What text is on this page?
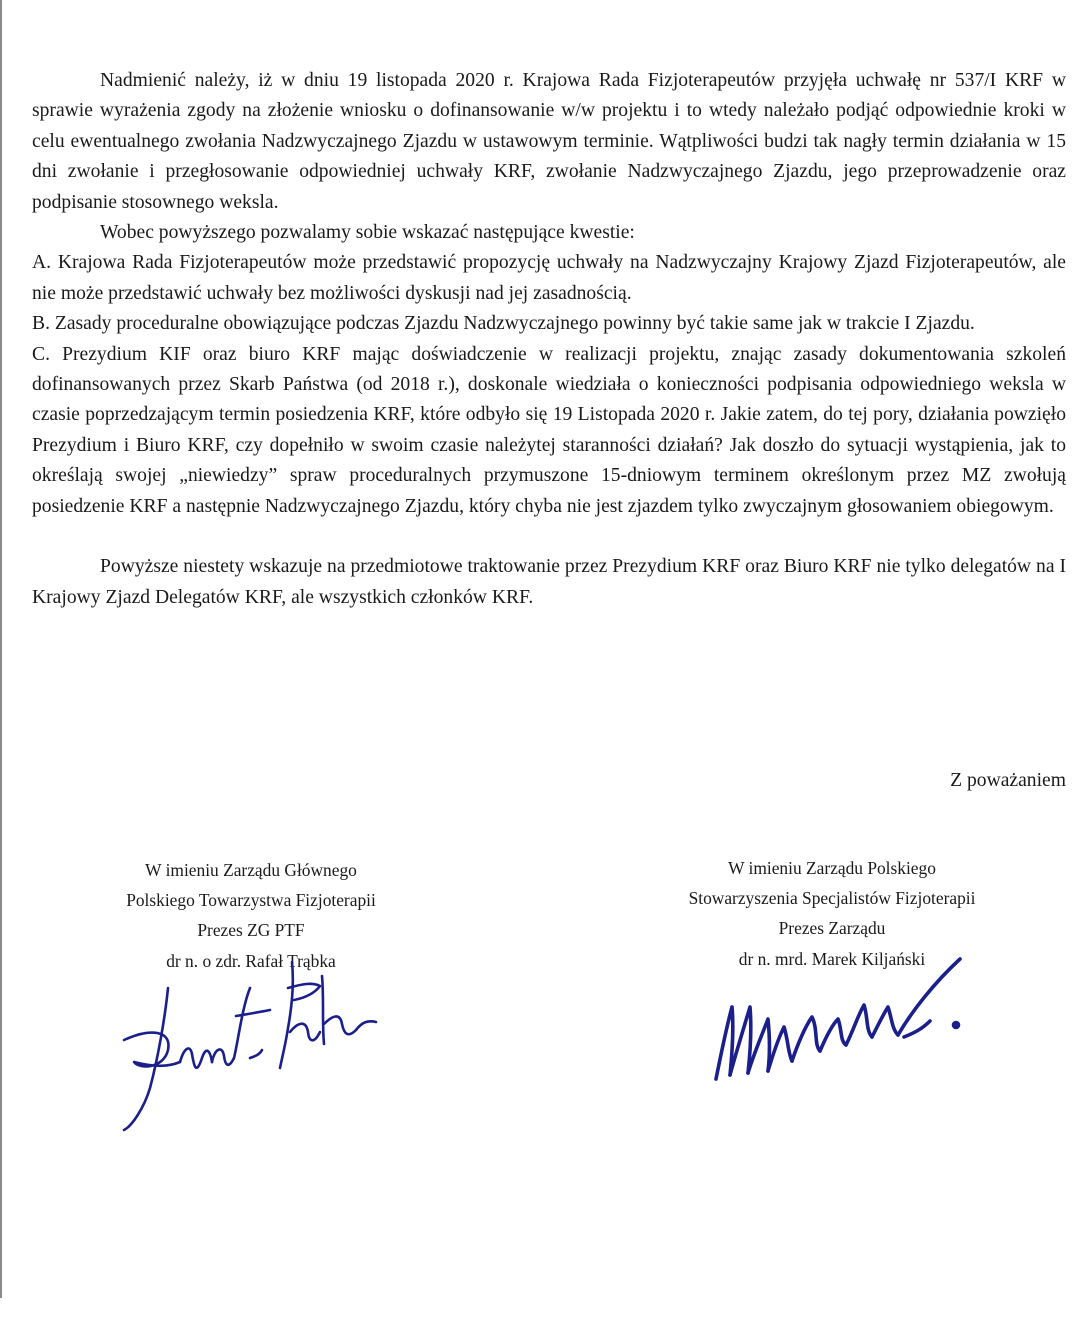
Nadmienić należy, iż w dniu 19 listopada 2020 r. Krajowa Rada Fizjoterapeutów przyjęła uchwałę nr 537/I KRF w sprawie wyrażenia zgody na złożenie wniosku o dofinansowanie w/w projektu i to wtedy należało podjąć odpowiednie kroki w celu ewentualnego zwołania Nadzwyczajnego Zjazdu w ustawowym terminie. Wątpliwości budzi tak nagły termin działania w 15 dni zwołanie i przegłosowanie odpowiedniej uchwały KRF, zwołanie Nadzwyczajnego Zjazdu, jego przeprowadzenie oraz podpisanie stosownego weksla.

Wobec powyższego pozwalamy sobie wskazać następujące kwestie:

A. Krajowa Rada Fizjoterapeutów może przedstawić propozycję uchwały na Nadzwyczajny Krajowy Zjazd Fizjoterapeutów, ale nie może przedstawić uchwały bez możliwości dyskusji nad jej zasadnością.

B. Zasady proceduralne obowiązujące podczas Zjazdu Nadzwyczajnego powinny być takie same jak w trakcie I Zjazdu.

C. Prezydium KIF oraz biuro KRF mając doświadczenie w realizacji projektu, znając zasady dokumentowania szkoleń dofinansowanych przez Skarb Państwa (od 2018 r.), doskonale wiedziała o konieczności podpisania odpowiedniego weksla w czasie poprzedzającym termin posiedzenia KRF, które odbyło się 19 Listopada 2020 r. Jakie zatem, do tej pory, działania powzięło Prezydium i Biuro KRF, czy dopełniło w swoim czasie należytej staranności działań? Jak doszło do sytuacji wystąpienia, jak to określają swojej „niewiedzy” spraw proceduralnych przymuszone 15-dniowym terminem określonym przez MZ zwołują posiedzenie KRF a następnie Nadzwyczajnego Zjazdu, który chyba nie jest zjazdem tylko zwyczajnym głosowaniem obiegowym.

Powyższe niestety wskazuje na przedmiotowe traktowanie przez Prezydium KRF oraz Biuro KRF nie tylko delegatów na I Krajowy Zjazd Delegatów KRF, ale wszystkich członków KRF.

Z poważaniem
W imieniu Zarządu Głównego
Polskiego Towarzystwa Fizjoterapii
Prezes ZG PTF
dr n. o zdr. Rafał Trąbka
W imieniu Zarządu Polskiego
Stowarzyszenia Specjalistów Fizjoterapii
Prezes Zarządu
dr n. mrd. Marek Kiljański
